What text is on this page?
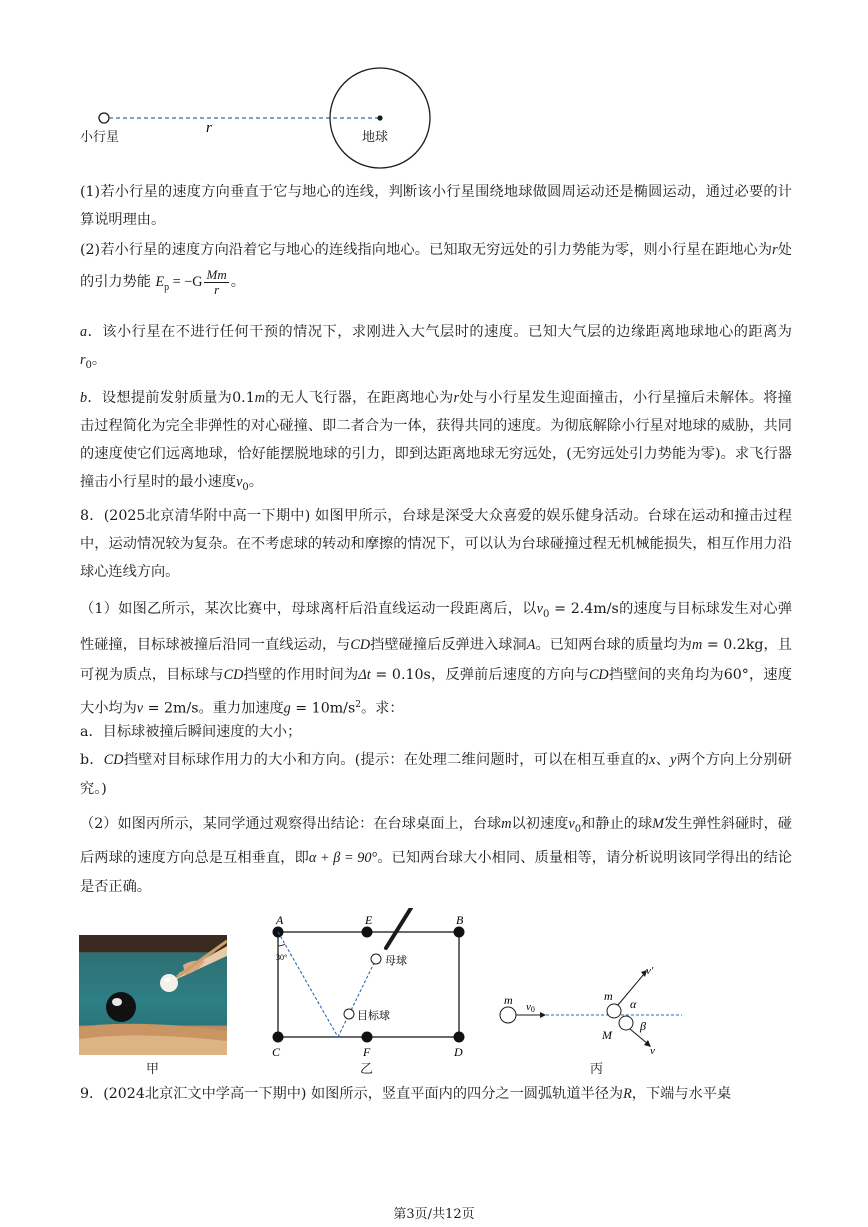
r
小行星	地球
(1)若小行星的速度方向垂直于它与地心的连线，判断该小行星围绕地球做圆周运动还是椭圆运动，通过必要的计算说明理由。
(2)若小行星的速度方向沿着它与地心的连线指向地心。已知取无穷远处的引力势能为零，则小行星在距地心为r处的引力势能 $E_p = -G \frac{Mm}{r}$ 。
a．该小行星在不进行任何干预的情况下，求刚进入大气层时的速度。已知大气层的边缘距离地球地心的距离为$r_0$。
b．设想提前发射质量为0.1m的无人飞行器，在距离地心为r处与小行星发生迎面撞击，小行星撞后未解体。将撞击过程简化为完全非弹性的对心碰撞、即二者合为一体，获得共同的速度。为彻底解除小行星对地球的威胁，共同的速度使它们远离地球，恰好能摆脱地球的引力，即到达距离地球无穷远处，(无穷远处引力势能为零)。求飞行器撞击小行星时的最小速度$v_0$。
8．(2025北京清华附中高一下期中) 如图甲所示，台球是深受大众喜爱的娱乐健身活动。台球在运动和撞击过程中，运动情况较为复杂。在不考虑球的转动和摩擦的情况下，可以认为台球碰撞过程无机械能损失，相互作用力沿球心连线方向。
（1）如图乙所示，某次比赛中，母球离杆后沿直线运动一段距离后，以$v_0 = 2.4m/s$的速度与目标球发生对心弹性碰撞，目标球被撞后沿同一直线运动，与CD挡壁碰撞后反弹进入球洞A。已知两台球的质量均为m = 0.2kg，且可视为质点，目标球与CD挡壁的作用时间为Δt = 0.10s，反弹前后速度的方向与CD挡壁间的夹角均为60°，速度大小均为v = 2m/s。重力加速度$g = 10m/s^2$。求：
a．目标球被撞后瞬间速度的大小；
b．CD挡壁对目标球作用力的大小和方向。(提示：在处理二维问题时，可以在相互垂直的x、y两个方向上分别研究。)
（2）如图丙所示，某同学通过观察得出结论：在台球桌面上，台球m以初速度$v_0$和静止的球M发生弹性斜碰时，碰后两球的速度方向总是互相垂直，即α + β = 90°。已知两台球大小相同、质量相等，请分析说明该同学得出的结论是否正确。
甲
A	E	B
C	F	D
30°	母球
目标球
乙
m v0
m
M
α
β
v′
v
丙
9．(2024北京汇文中学高一下期中) 如图所示，竖直平面内的四分之一圆弧轨道半径为R，下端与水平桌
第3页/共12页
